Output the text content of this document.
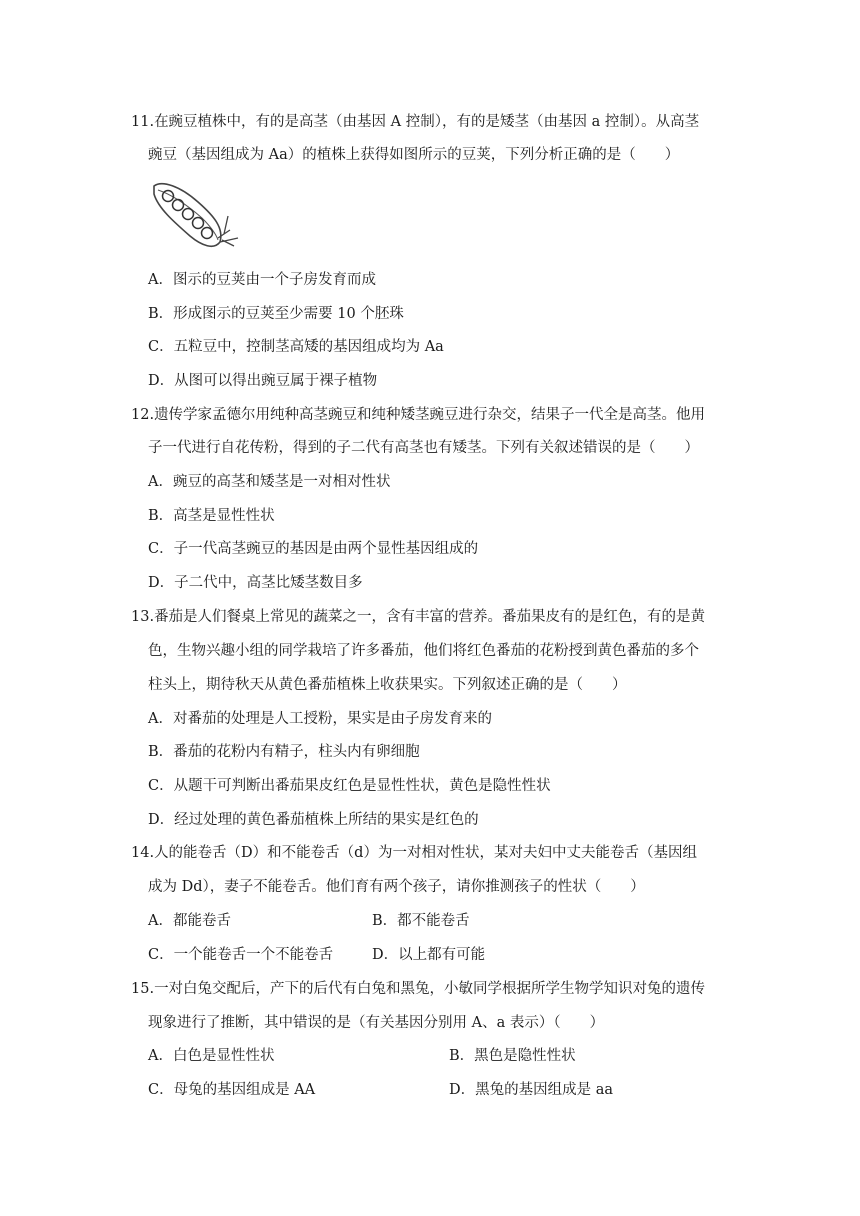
11.在豌豆植株中，有的是高茎（由基因 A 控制），有的是矮茎（由基因 a 控制）。从高茎
豌豆（基因组成为 Aa）的植株上获得如图所示的豆荚，下列分析正确的是（　　）
A．图示的豆荚由一个子房发育而成
B．形成图示的豆荚至少需要 10 个胚珠
C．五粒豆中，控制茎高矮的基因组成均为 Aa
D．从图可以得出豌豆属于裸子植物
12.遗传学家孟德尔用纯种高茎豌豆和纯种矮茎豌豆进行杂交，结果子一代全是高茎。他用
子一代进行自花传粉，得到的子二代有高茎也有矮茎。下列有关叙述错误的是（　　）
A．豌豆的高茎和矮茎是一对相对性状
B．高茎是显性性状
C．子一代高茎豌豆的基因是由两个显性基因组成的
D．子二代中，高茎比矮茎数目多
13.番茄是人们餐桌上常见的蔬菜之一，含有丰富的营养。番茄果皮有的是红色，有的是黄
色，生物兴趣小组的同学栽培了许多番茄，他们将红色番茄的花粉授到黄色番茄的多个
柱头上，期待秋天从黄色番茄植株上收获果实。下列叙述正确的是（　　）
A．对番茄的处理是人工授粉，果实是由子房发育来的
B．番茄的花粉内有精子，柱头内有卵细胞
C．从题干可判断出番茄果皮红色是显性性状，黄色是隐性性状
D．经过处理的黄色番茄植株上所结的果实是红色的
14.人的能卷舌（D）和不能卷舌（d）为一对相对性状，某对夫妇中丈夫能卷舌（基因组
成为 Dd），妻子不能卷舌。他们育有两个孩子，请你推测孩子的性状（　　）
A．都能卷舌	B．都不能卷舌
C．一个能卷舌一个不能卷舌	D．以上都有可能
15.一对白兔交配后，产下的后代有白兔和黑兔，小敏同学根据所学生物学知识对兔的遗传
现象进行了推断，其中错误的是（有关基因分别用 A、a 表示）（　　）
A．白色是显性性状	B．黑色是隐性性状
C．母兔的基因组成是 AA	D．黑兔的基因组成是 aa
